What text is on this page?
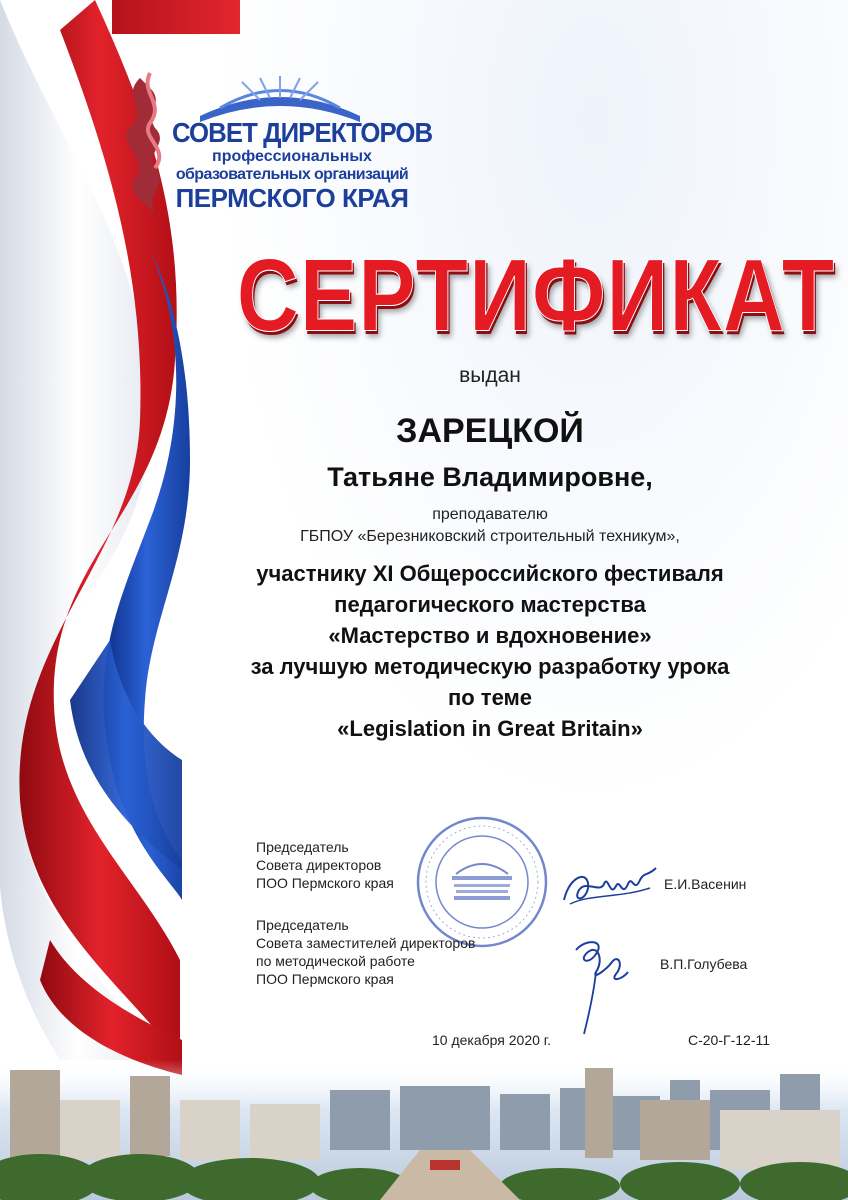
СОВЕТ ДИРЕКТОРОВ
профессиональных
образовательных организаций
ПЕРМСКОГО КРАЯ
СЕРТИФИКАТ
выдан
ЗАРЕЦКОЙ
Татьяне Владимировне,
преподавателю
ГБПОУ «Березниковский строительный техникум»,
участнику XI Общероссийского фестиваля
педагогического мастерства
«Мастерство и вдохновение»
за лучшую методическую разработку урока
по теме
«Legislation in Great Britain»
Председатель
Совета директоров
ПОО Пермского края	Е.И.Васенин
Председатель
Совета заместителей директоров
по методической работе
ПОО Пермского края
В.П.Голубева
10 декабря 2020 г.	С-20-Г-12-11
